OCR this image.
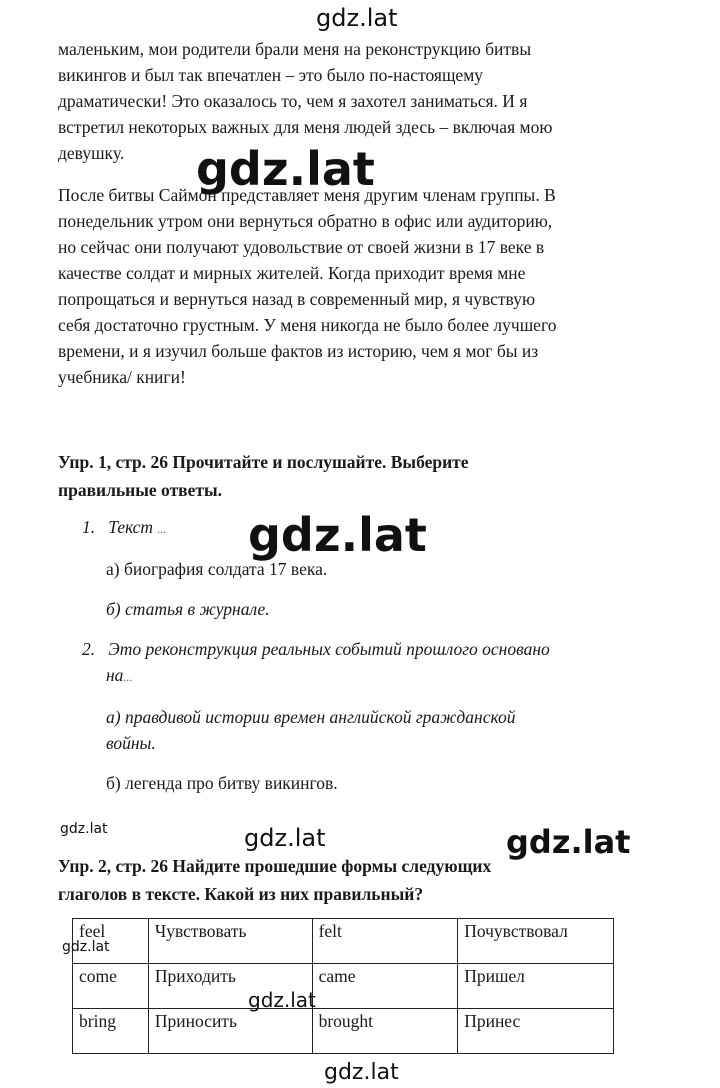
маленьким, мои родители брали меня на реконструкцию битвы
викингов и был так впечатлен – это было по-настоящему
драматически! Это оказалось то, чем я захотел заниматься. И я
встретил некоторых важных для меня людей здесь – включая мою
девушку.
После битвы Саймон представляет меня другим членам группы. В
понедельник утром они вернуться обратно в офис или аудиторию,
но сейчас они получают удовольствие от своей жизни в 17 веке в
качестве солдат и мирных жителей. Когда приходит время мне
попрощаться и вернуться назад в современный мир, я чувствую
себя достаточно грустным. У меня никогда не было более лучшего
времени, и я изучил больше фактов из историю, чем я мог бы из
учебника/ книги!
Упр. 1, стр. 26 Прочитайте и послушайте. Выберите
правильные ответы.
1. Текст ...
а) биография солдата 17 века.
б) статья в журнале.
2. Это реконструкция реальных событий прошлого основано
на...
а) правдивой истории времен английской гражданской
войны.
б) легенда про битву викингов.
Упр. 2, стр. 26 Найдите прошедшие формы следующих
глаголов в тексте. Какой из них правильный?
feel	Чувствовать	felt	Почувствовал
come	Приходить	came	Пришел
bring	Приносить	brought	Принес
gdz.lat
gdz.lat
gdz.lat
gdz.lat	gdz.lat	gdz.lat
gdz.lat
gdz.lat
gdz.lat
